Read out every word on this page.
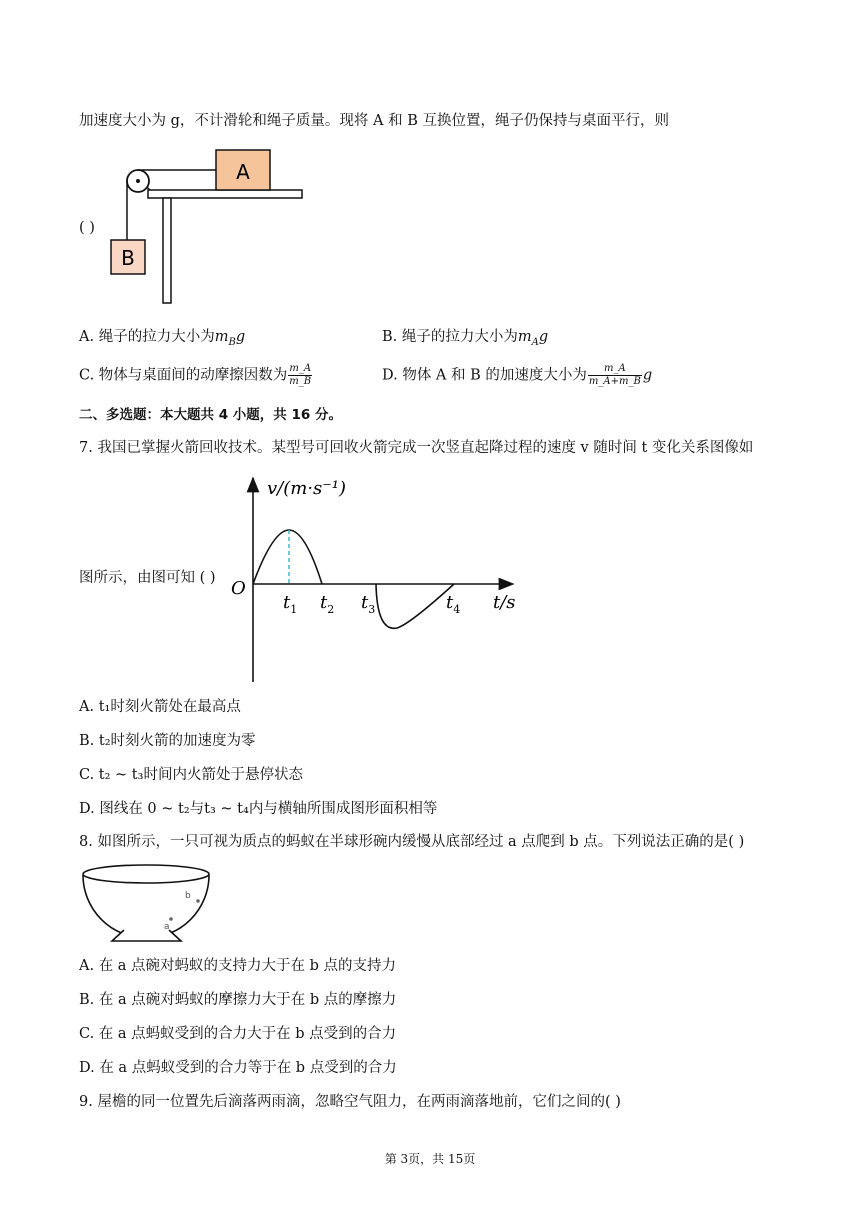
加速度大小为 g，不计滑轮和绳子质量。现将 A 和 B 互换位置，绳子仍保持与桌面平行，则
A
B
( )
A. 绳子的拉力大小为$m_Bg$	B. 绳子的拉力大小为$m_Ag$
C. 物体与桌面间的动摩擦因数为 $\frac{m\_A}{m\_B}$	D. 物体 A 和 B 的加速度大小为 $\frac{m\_A}{m\_A+m\_B}$ g
二、多选题：本大题共 4 小题，共 16 分。
7. 我国已掌握火箭回收技术。某型号可回收火箭完成一次竖直起降过程的速度 v 随时间 t 变化关系图像如
v/(m·s⁻¹)
O
t/s
$t_1$ $t_2$ $t_3$	$t_4$
图所示，由图可知 ( )
A. t₁时刻火箭处在最高点
B. t₂时刻火箭的加速度为零
C. t₂ ~ t₃时间内火箭处于悬停状态
D. 图线在 0 ~ t₂与t₃ ~ t₄内与横轴所围成图形面积相等
8. 如图所示，一只可视为质点的蚂蚁在半球形碗内缓慢从底部经过 a 点爬到 b 点。下列说法正确的是( )
a
b
A. 在 a 点碗对蚂蚁的支持力大于在 b 点的支持力
B. 在 a 点碗对蚂蚁的摩擦力大于在 b 点的摩擦力
C. 在 a 点蚂蚁受到的合力大于在 b 点受到的合力
D. 在 a 点蚂蚁受到的合力等于在 b 点受到的合力
9. 屋檐的同一位置先后滴落两雨滴，忽略空气阻力，在两雨滴落地前，它们之间的( )
第 3页，共 15页
